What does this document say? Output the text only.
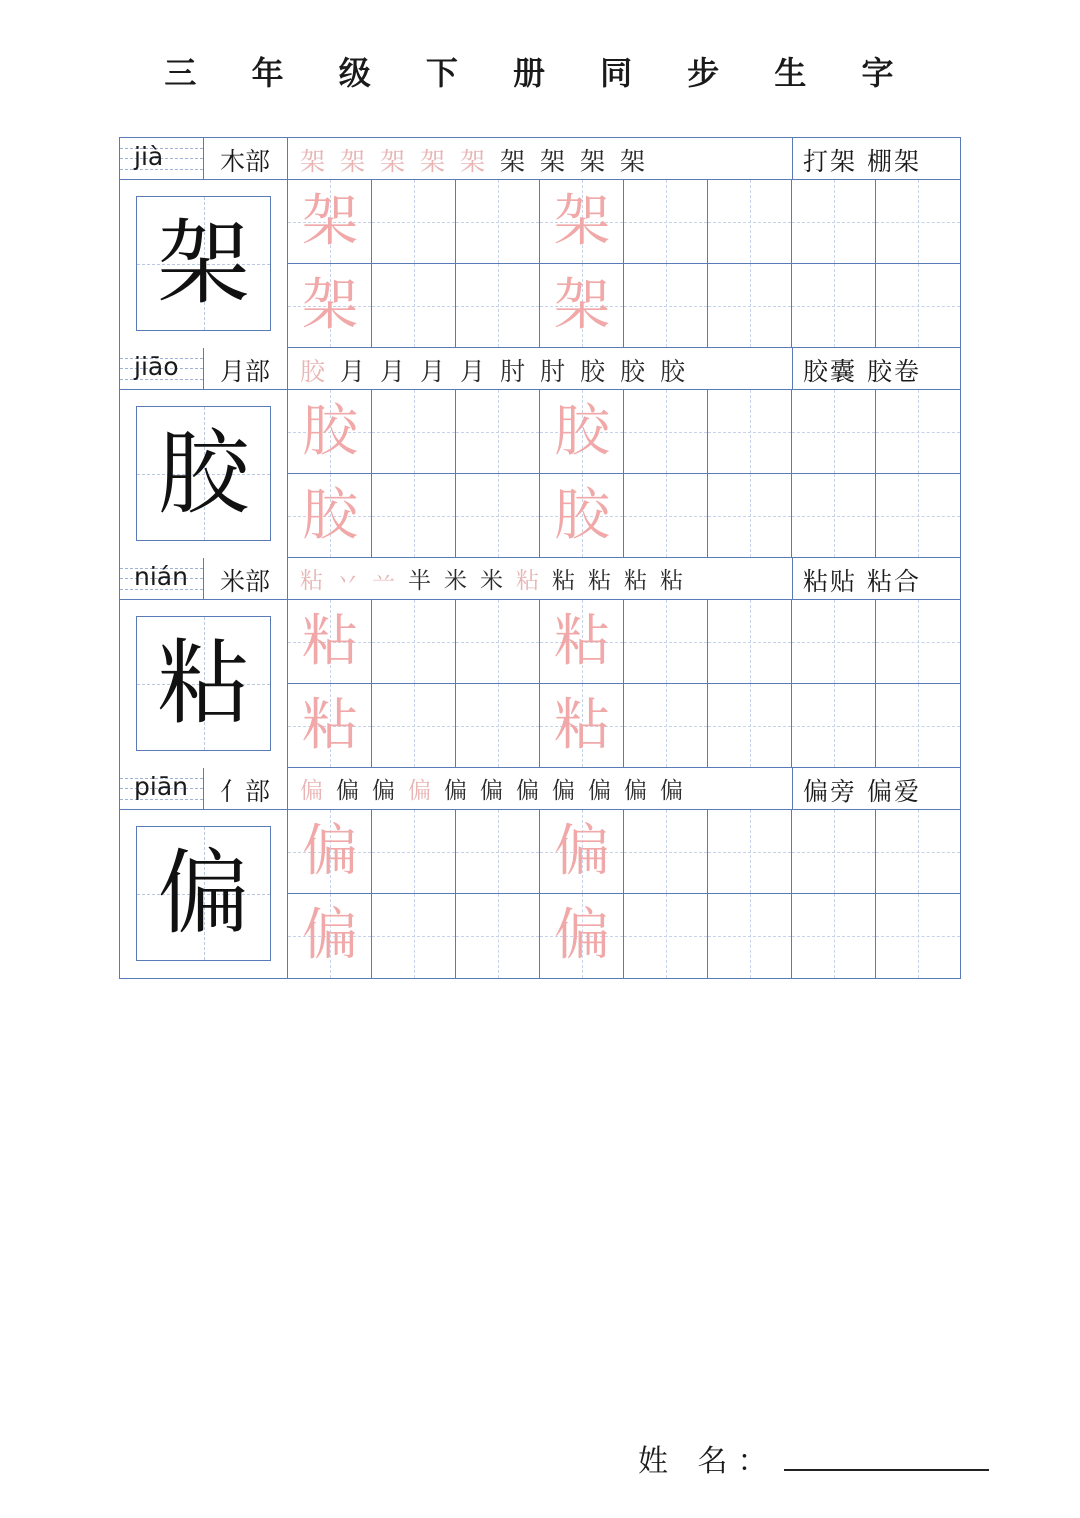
三 年 级 下 册 同 步 生 字
jià 木部 架 架 架 架 架 架 架 架 架	打架 棚架
架 架	架
架	架
jiāo 月部 胶 月 月 月 月 肘 肘 胶 胶 胶	胶囊 胶卷
胶 胶	胶
胶	胶
nián 米部 粘 丷 䒑 半 米 米 粘 粘 粘 粘 粘	粘贴 粘合
粘 粘	粘
粘	粘
piān 亻部 偏 偏 偏 偏 偏 偏 偏 偏 偏 偏 偏	偏旁 偏爱
偏 偏	偏
偏	偏
姓 名：
